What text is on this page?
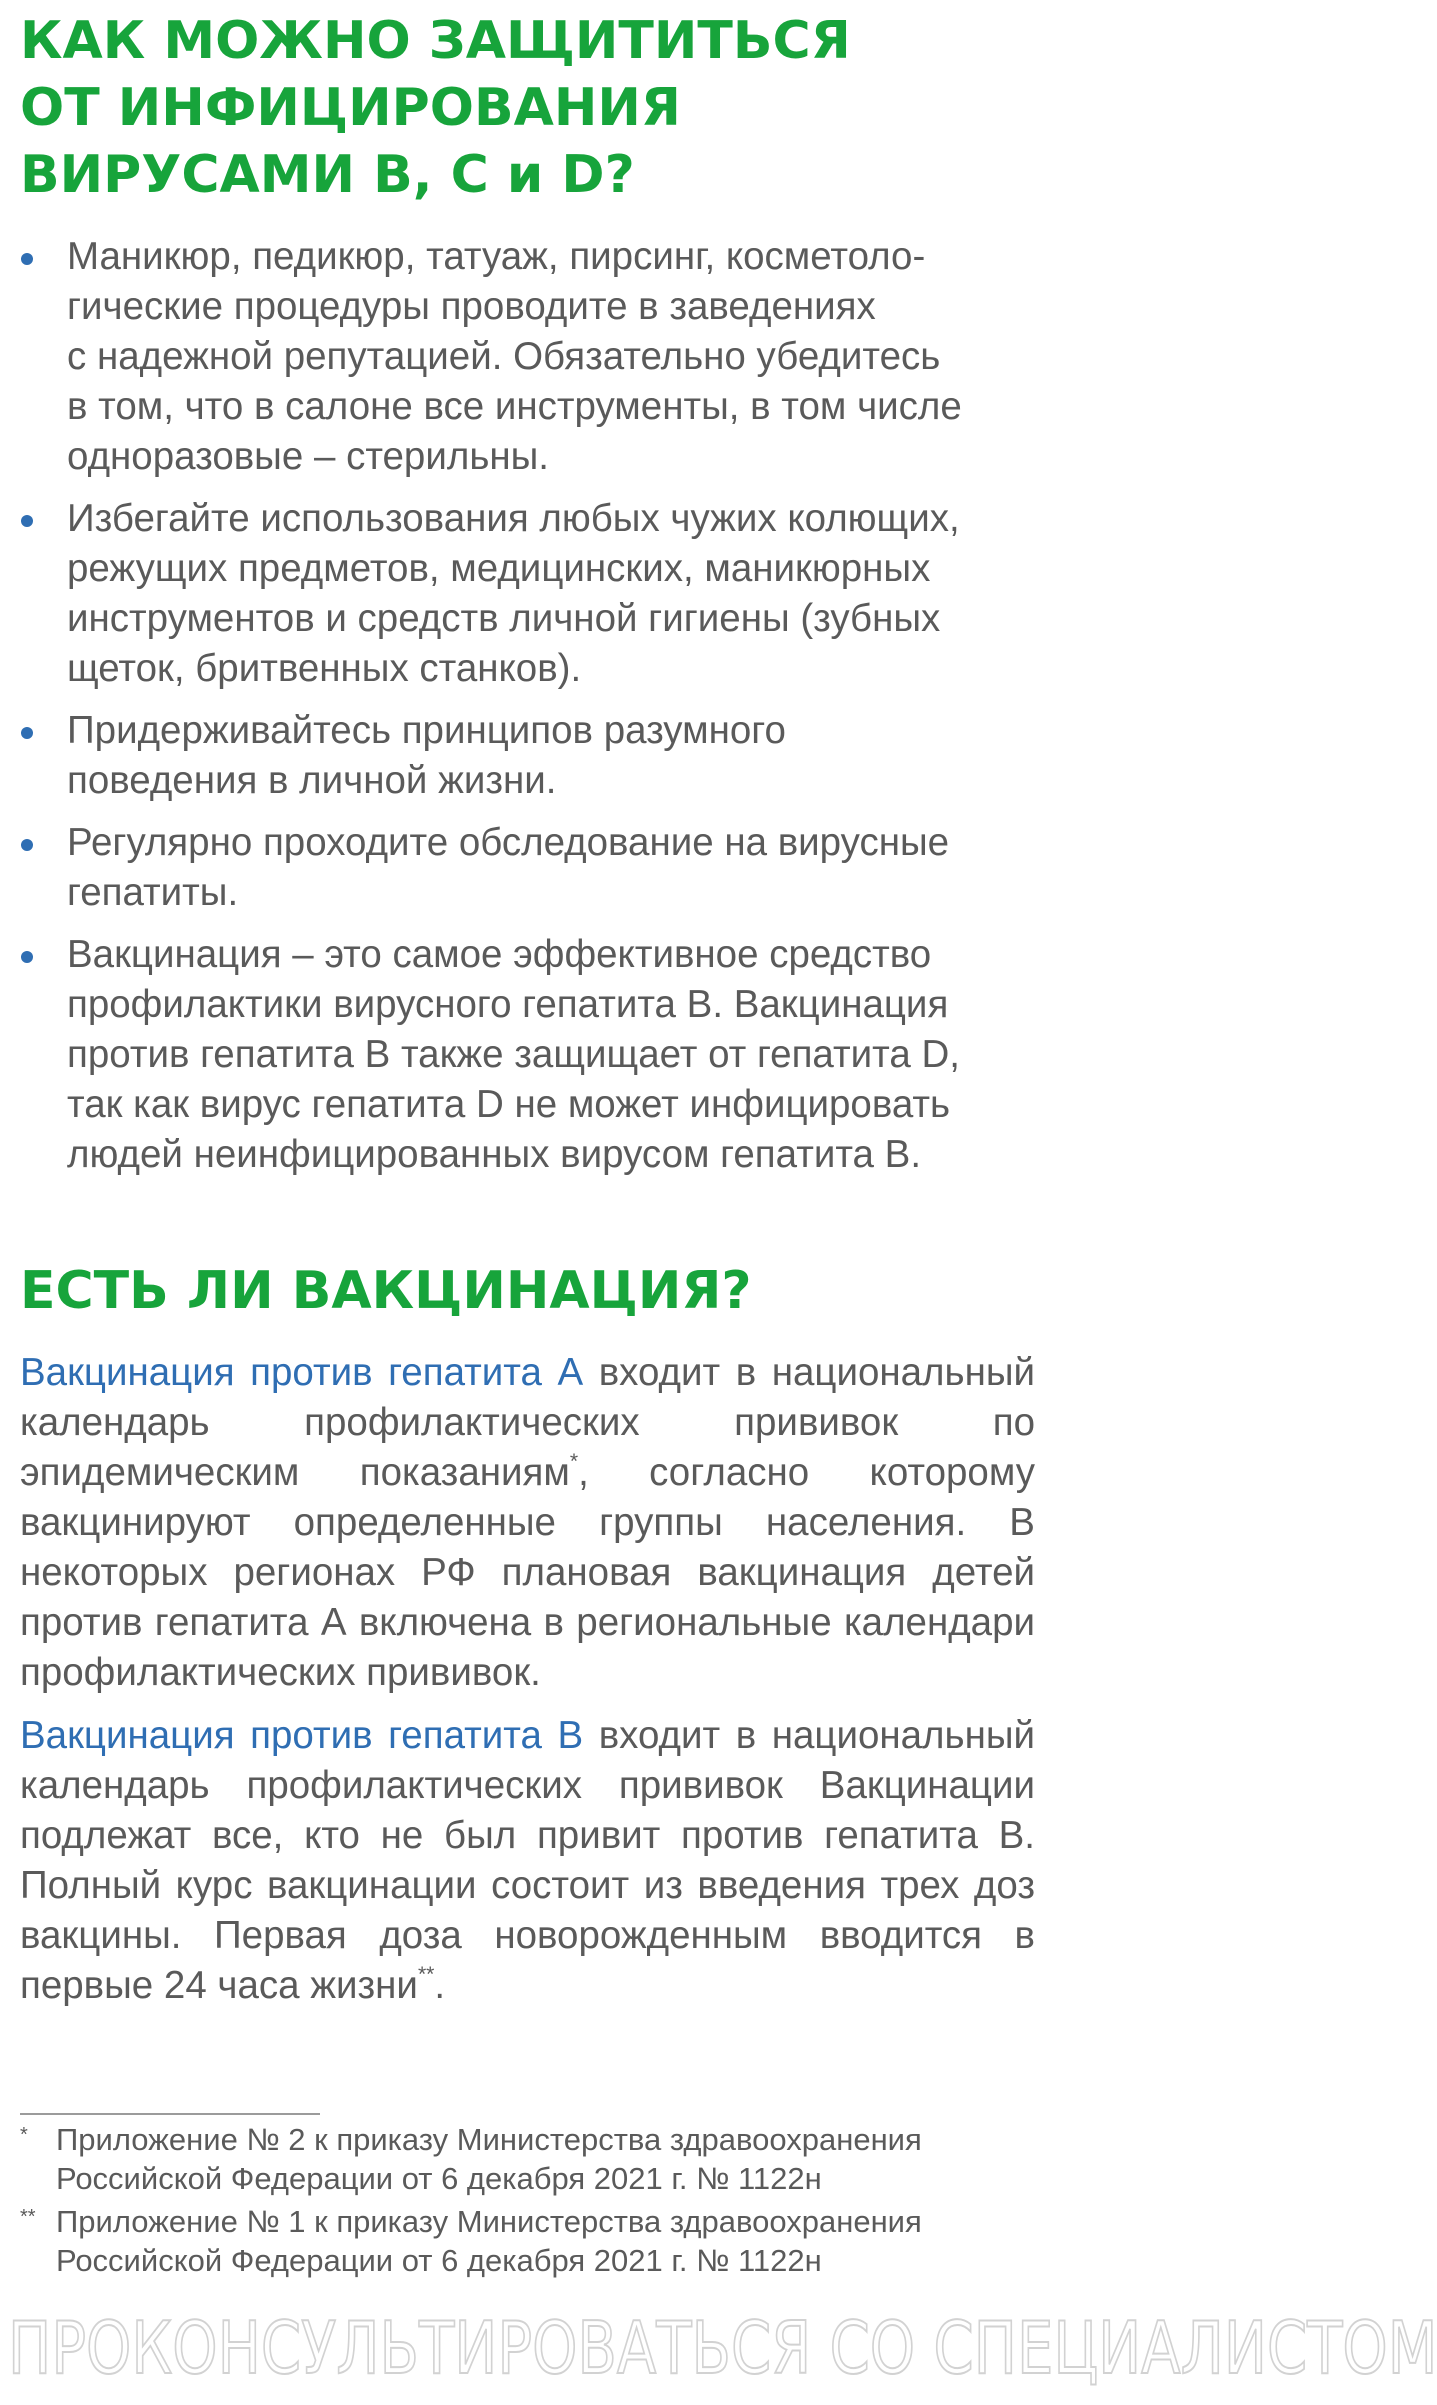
КАК МОЖНО ЗАЩИТИТЬСЯ
ОТ ИНФИЦИРОВАНИЯ
ВИРУСАМИ В, С и D?
Маникюр, педикюр, татуаж, пирсинг, косметоло-
гические процедуры проводите в заведениях
с надежной репутацией. Обязательно убедитесь
в том, что в салоне все инструменты, в том числе
одноразовые – стерильны.
Избегайте использования любых чужих колющих,
режущих предметов, медицинских, маникюрных
инструментов и средств личной гигиены (зубных
щеток, бритвенных станков).
Придерживайтесь принципов разумного
поведения в личной жизни.
Регулярно проходите обследование на вирусные
гепатиты.
Вакцинация – это самое эффективное средство
профилактики вирусного гепатита В. Вакцинация
против гепатита В также защищает от гепатита D,
так как вирус гепатита D не может инфицировать
людей неинфицированных вирусом гепатита В.
ЕСТЬ ЛИ ВАКЦИНАЦИЯ?

Вакцинация против гепатита А входит в национальный календарь профилактических прививок по эпидемическим показаниям*, согласно которому вакцинируют определенные группы населения. В некоторых регионах РФ плановая вакцинация детей против гепатита А включена в региональные календари профилактических прививок.

Вакцинация против гепатита В входит в национальный календарь профилактических прививок Вакцинации подлежат все, кто не был привит против гепатита В. Полный курс вакцинации состоит из введения трех доз вакцины. Первая доза новорожденным вводится в первые 24 часа жизни**.

* Приложение № 2 к приказу Министерства здравоохранения
Российской Федерации от 6 декабря 2021 г. № 1122н
** Приложение № 1 к приказу Министерства здравоохранения
Российской Федерации от 6 декабря 2021 г. № 1122н
ПРОКОНСУЛЬТИРОВАТЬСЯ СО СПЕЦИАЛИСТОМ
